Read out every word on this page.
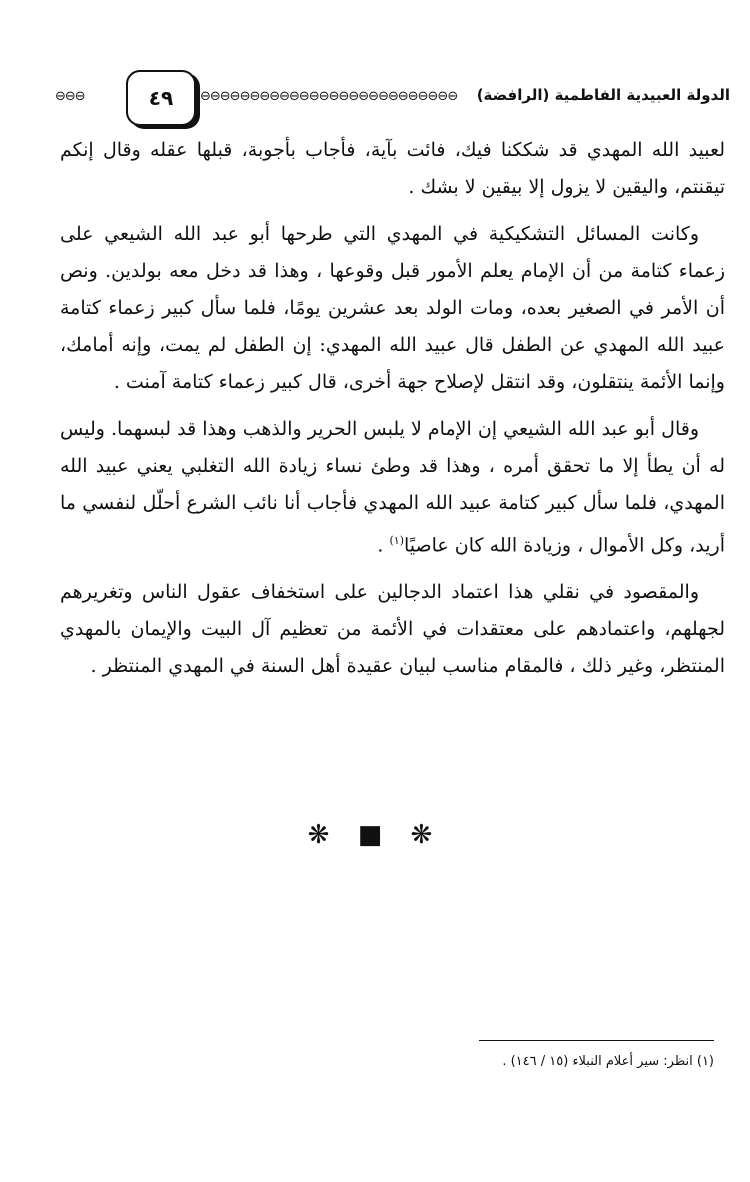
الدولة العبيدية الفاطمية (الرافضة)
⊖⊖⊖⊖⊖⊖⊖⊖⊖⊖⊖⊖⊖⊖⊖⊖⊖⊖⊖⊖⊖⊖⊖⊖⊖⊖
⊖⊖⊖	٤٩

لعبيد الله المهدي قد شككنا فيك، فائت بآية، فأجاب بأجوبة، قبلها عقله وقال إنكم تيقنتم، واليقين لا يزول إلا بيقين لا بشك .

وكانت المسائل التشكيكية في المهدي التي طرحها أبو عبد الله الشيعي على زعماء كتامة من أن الإمام يعلم الأمور قبل وقوعها ، وهذا قد دخل معه بولدين. ونص أن الأمر في الصغير بعده، ومات الولد بعد عشرين يومًا، فلما سأل كبير زعماء كتامة عبيد الله المهدي عن الطفل قال عبيد الله المهدي: إن الطفل لم يمت، وإنه أمامك، وإنما الأئمة ينتقلون، وقد انتقل لإصلاح جهة أخرى، قال كبير زعماء كتامة آمنت .

وقال أبو عبد الله الشيعي إن الإمام لا يلبس الحرير والذهب وهذا قد لبسهما. وليس له أن يطأ إلا ما تحقق أمره ، وهذا قد وطئ نساء زيادة الله التغلبي يعني عبيد الله المهدي، فلما سأل كبير كتامة عبيد الله المهدي فأجاب أنا نائب الشرع أحلّل لنفسي ما أريد، وكل الأموال ، وزيادة الله كان عاصيًا$^{(١)}$ .

والمقصود في نقلي هذا اعتماد الدجالين على استخفاف عقول الناس وتغريرهم لجهلهم، واعتمادهم على معتقدات في الأئمة من تعظيم آل البيت والإيمان بالمهدي المنتظر، وغير ذلك ، فالمقام مناسب لبيان عقيدة أهل السنة في المهدي المنتظر .

❋ ■ ❋
(١) انظر: سير أعلام النبلاء (١٥ / ١٤٦) .
